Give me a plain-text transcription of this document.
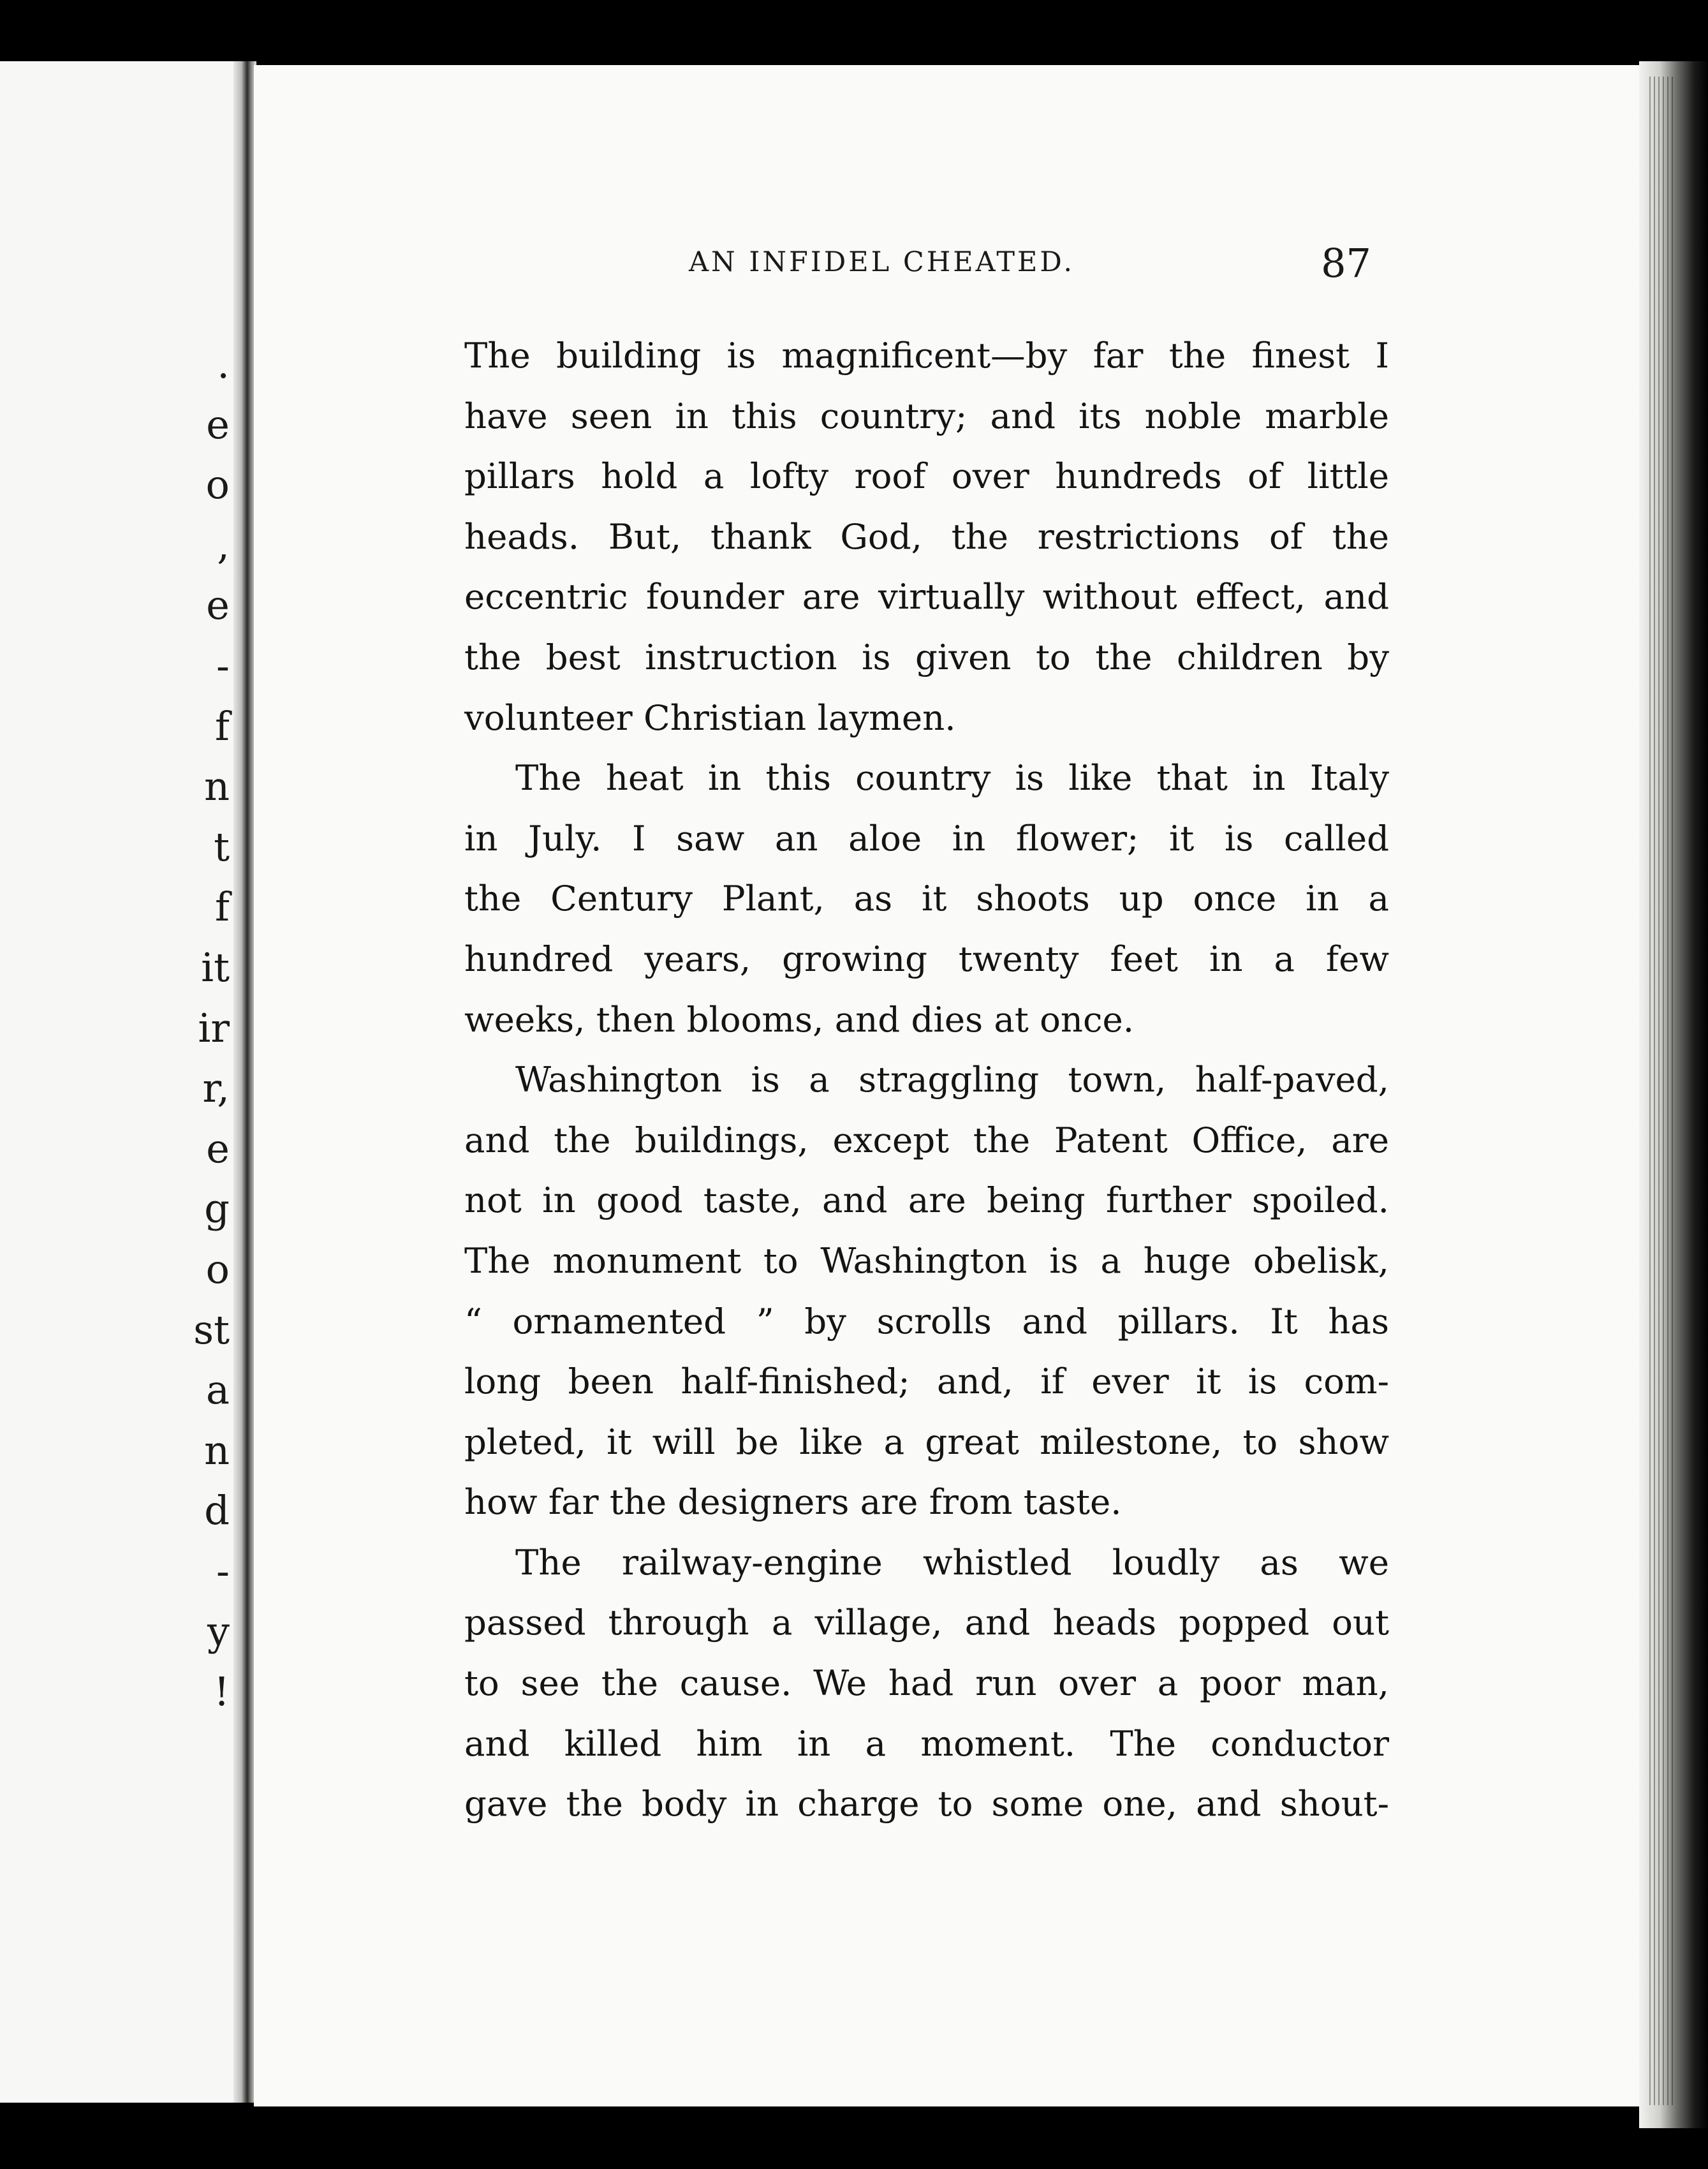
.
e
o
,
e
-
f
n
t
f
it
ir
r,
e
g
o
st
a
n
d
-
y
!
AN INFIDEL CHEATED.	87
The building is magnificent—by far the finest I
have seen in this country; and its noble marble
pillars hold a lofty roof over hundreds of little
heads. But, thank God, the restrictions of the
eccentric founder are virtually without effect, and
the best instruction is given to the children by
volunteer Christian laymen.
The heat in this country is like that in Italy
in July. I saw an aloe in flower; it is called
the Century Plant, as it shoots up once in a
hundred years, growing twenty feet in a few
weeks, then blooms, and dies at once.
Washington is a straggling town, half-paved,
and the buildings, except the Patent Office, are
not in good taste, and are being further spoiled.
The monument to Washington is a huge obelisk,
“ ornamented ” by scrolls and pillars. It has
long been half-finished; and, if ever it is com-
pleted, it will be like a great milestone, to show
how far the designers are from taste.
The railway-engine whistled loudly as we
passed through a village, and heads popped out
to see the cause. We had run over a poor man,
and killed him in a moment. The conductor
gave the body in charge to some one, and shout-
